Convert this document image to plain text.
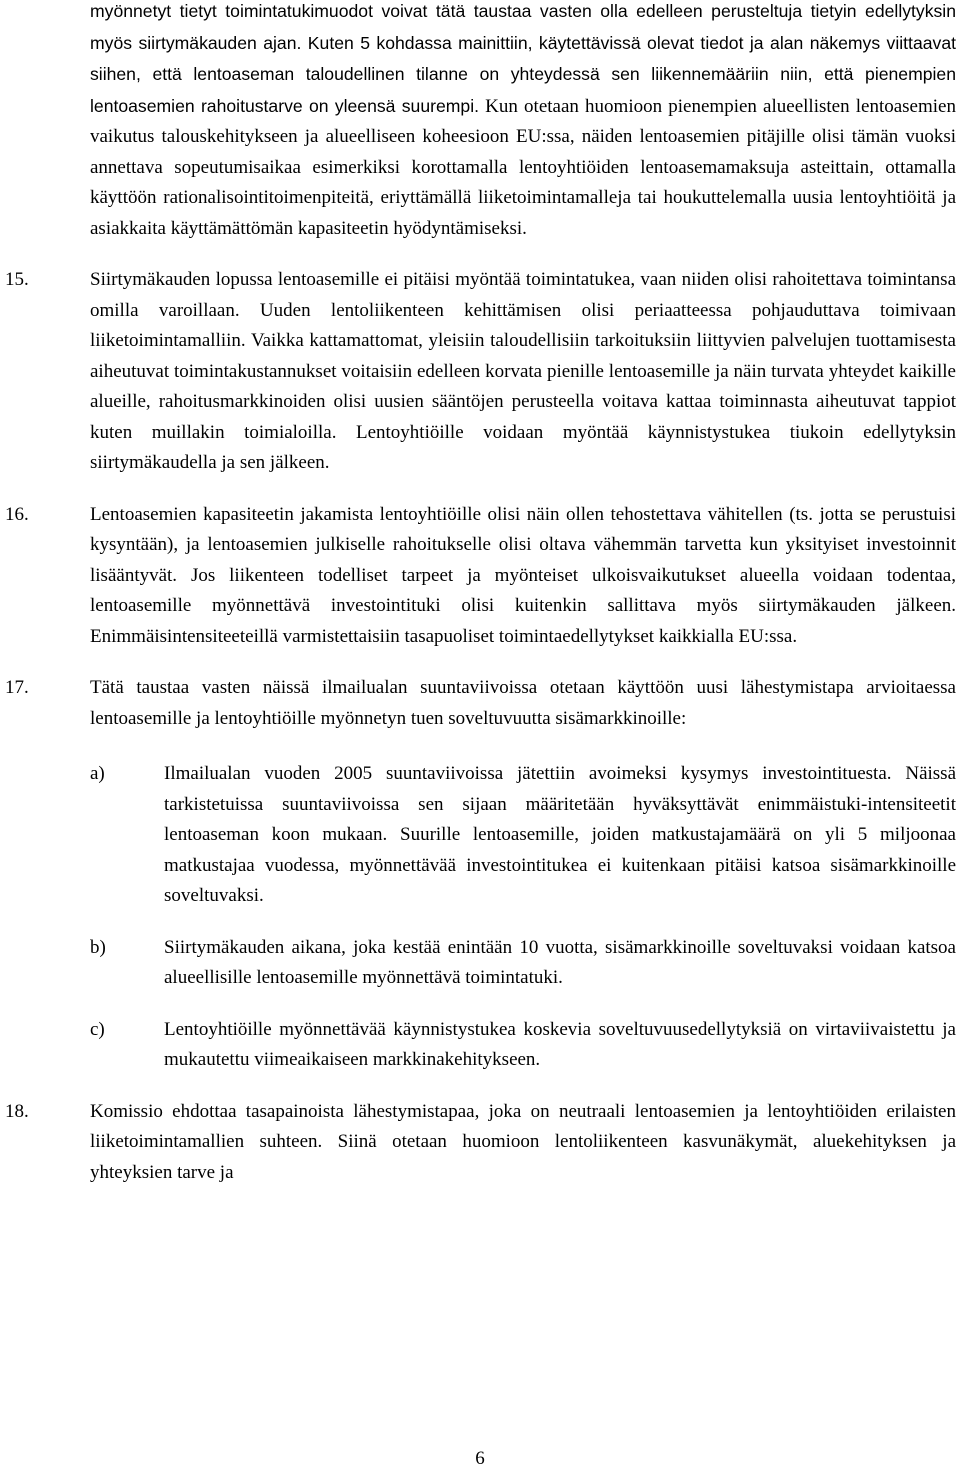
myönnetyt tietyt toimintatukimuodot voivat tätä taustaa vasten olla edelleen perusteltuja tietyin edellytyksin myös siirtymäkauden ajan. Kuten 5 kohdassa mainittiin, käytettävissä olevat tiedot ja alan näkemys viittaavat siihen, että lentoaseman taloudellinen tilanne on yhteydessä sen liikennemääriin niin, että pienempien lentoasemien rahoitustarve on yleensä suurempi. Kun otetaan huomioon pienempien alueellisten lentoasemien vaikutus talouskehitykseen ja alueelliseen koheesioon EU:ssa, näiden lentoasemien pitäjille olisi tämän vuoksi annettava sopeutumisaikaa esimerkiksi korottamalla lentoyhtiöiden lentoasemamaksuja asteittain, ottamalla käyttöön rationalisointitoimenpiteitä, eriyttämällä liiketoimintamalleja tai houkuttelemalla uusia lentoyhtiöitä ja asiakkaita käyttämättömän kapasiteetin hyödyntämiseksi.

15.	Siirtymäkauden lopussa lentoasemille ei pitäisi myöntää toimintatukea, vaan niiden olisi rahoitettava toimintansa omilla varoillaan. Uuden lentoliikenteen kehittämisen olisi periaatteessa pohjauduttava toimivaan liiketoimintamalliin. Vaikka kattamattomat, yleisiin taloudellisiin tarkoituksiin liittyvien palvelujen tuottamisesta aiheutuvat toimintakustannukset voitaisiin edelleen korvata pienille lentoasemille ja näin turvata yhteydet kaikille alueille, rahoitusmarkkinoiden olisi uusien sääntöjen perusteella voitava kattaa toiminnasta aiheutuvat tappiot kuten muillakin toimialoilla. Lentoyhtiöille voidaan myöntää käynnistystukea tiukoin edellytyksin siirtymäkaudella ja sen jälkeen.
16.	Lentoasemien kapasiteetin jakamista lentoyhtiöille olisi näin ollen tehostettava vähitellen (ts. jotta se perustuisi kysyntään), ja lentoasemien julkiselle rahoitukselle olisi oltava vähemmän tarvetta kun yksityiset investoinnit lisääntyvät. Jos liikenteen todelliset tarpeet ja myönteiset ulkoisvaikutukset alueella voidaan todentaa, lentoasemille myönnettävä investointituki olisi kuitenkin sallittava myös siirtymäkauden jälkeen. Enimmäisintensiteeteillä varmistettaisiin tasapuoliset toimintaedellytykset kaikkialla EU:ssa.
17.	Tätä taustaa vasten näissä ilmailualan suuntaviivoissa otetaan käyttöön uusi lähestymistapa arvioitaessa lentoasemille ja lentoyhtiöille myönnetyn tuen soveltuvuutta sisämarkkinoille:
a)	Ilmailualan vuoden 2005 suuntaviivoissa jätettiin avoimeksi kysymys investointituesta. Näissä tarkistetuissa suuntaviivoissa sen sijaan määritetään hyväksyttävät enimmäistuki-intensiteetit lentoaseman koon mukaan. Suurille lentoasemille, joiden matkustajamäärä on yli 5 miljoonaa matkustajaa vuodessa, myönnettävää investointitukea ei kuitenkaan pitäisi katsoa sisämarkkinoille soveltuvaksi.
b)	Siirtymäkauden aikana, joka kestää enintään 10 vuotta, sisämarkkinoille soveltuvaksi voidaan katsoa alueellisille lentoasemille myönnettävä toimintatuki.
c)	Lentoyhtiöille myönnettävää käynnistystukea koskevia soveltuvuusedellytyksiä on virtaviivaistettu ja mukautettu viimeaikaiseen markkinakehitykseen.
18.	Komissio ehdottaa tasapainoista lähestymistapaa, joka on neutraali lentoasemien ja lentoyhtiöiden erilaisten liiketoimintamallien suhteen. Siinä otetaan huomioon lentoliikenteen kasvunäkymät, aluekehityksen ja yhteyksien tarve ja
6
